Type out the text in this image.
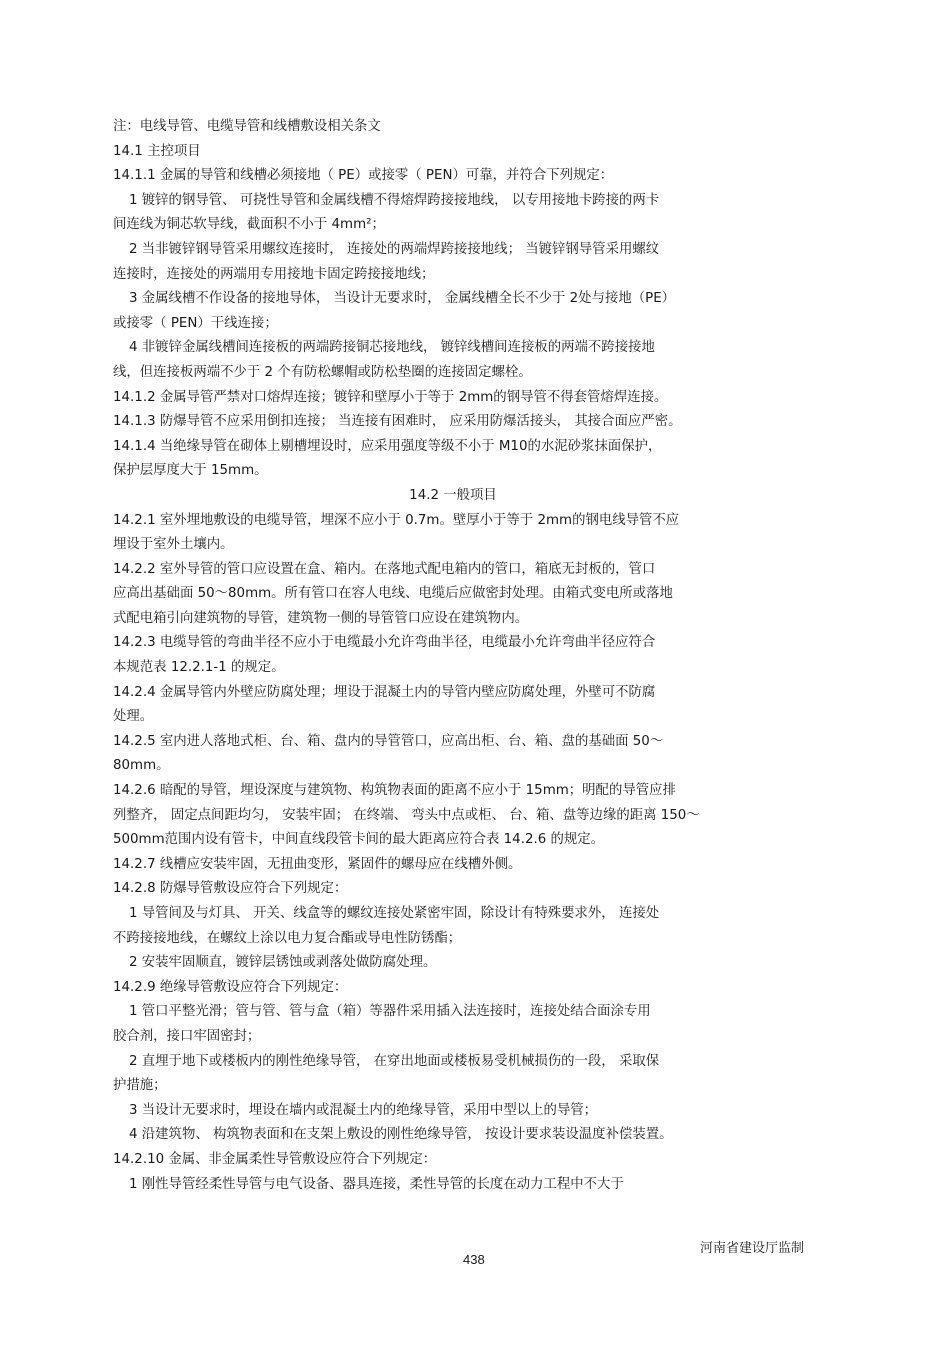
注：电线导管、电缆导管和线槽敷设相关条文
14.1 主控项目
14.1.1 金属的导管和线槽必须接地（ PE）或接零（ PEN）可靠，并符合下列规定：
1 镀锌的钢导管、 可挠性导管和金属线槽不得熔焊跨接接地线， 以专用接地卡跨接的两卡
间连线为铜芯软导线，截面积不小于 4mm²；
2 当非镀锌钢导管采用螺纹连接时， 连接处的两端焊跨接接地线； 当镀锌钢导管采用螺纹
连接时，连接处的两端用专用接地卡固定跨接接地线；
3 金属线槽不作设备的接地导体， 当设计无要求时， 金属线槽全长不少于 2处与接地（PE）
或接零（ PEN）干线连接；
4 非镀锌金属线槽间连接板的两端跨接铜芯接地线， 镀锌线槽间连接板的两端不跨接接地
线，但连接板两端不少于 2 个有防松螺帽或防松垫圈的连接固定螺栓。
14.1.2 金属导管严禁对口熔焊连接；镀锌和壁厚小于等于 2mm的钢导管不得套管熔焊连接。
14.1.3 防爆导管不应采用倒扣连接； 当连接有困难时， 应采用防爆活接头， 其接合面应严密。
14.1.4 当绝缘导管在砌体上剔槽埋设时，应采用强度等级不小于 M10的水泥砂浆抹面保护，
保护层厚度大于 15mm。
14.2 一般项目
14.2.1 室外埋地敷设的电缆导管，埋深不应小于 0.7m。壁厚小于等于 2mm的钢电线导管不应
埋设于室外土壤内。
14.2.2 室外导管的管口应设置在盒、箱内。在落地式配电箱内的管口，箱底无封板的，管口
应高出基础面 50～80mm。所有管口在容人电线、电缆后应做密封处理。由箱式变电所或落地
式配电箱引向建筑物的导管，建筑物一侧的导管管口应设在建筑物内。
14.2.3 电缆导管的弯曲半径不应小于电缆最小允许弯曲半径，电缆最小允许弯曲半径应符合
本规范表 12.2.1-1 的规定。
14.2.4 金属导管内外壁应防腐处理；埋设于混凝土内的导管内壁应防腐处理，外壁可不防腐
处理。
14.2.5 室内进人落地式柜、台、箱、盘内的导管管口，应高出柜、台、箱、盘的基础面 50～
80mm。
14.2.6 暗配的导管，埋设深度与建筑物、构筑物表面的距离不应小于 15mm；明配的导管应排
列整齐， 固定点间距均匀， 安装牢固； 在终端、 弯头中点或柜、 台、箱、盘等边缘的距离 150～
500mm范围内设有管卡，中间直线段管卡间的最大距离应符合表 14.2.6 的规定。
14.2.7 线槽应安装牢固，无扭曲变形，紧固件的螺母应在线槽外侧。
14.2.8 防爆导管敷设应符合下列规定：
1 导管间及与灯具、 开关、线盒等的螺纹连接处紧密牢固，除设计有特殊要求外， 连接处
不跨接接地线，在螺纹上涂以电力复合酯或导电性防锈酯；
2 安装牢固顺直，镀锌层锈蚀或剥落处做防腐处理。
14.2.9 绝缘导管敷设应符合下列规定：
1 管口平整光滑；管与管、管与盒（箱）等器件采用插入法连接时，连接处结合面涂专用
胶合剂，接口牢固密封；
2 直埋于地下或楼板内的刚性绝缘导管， 在穿出地面或楼板易受机械损伤的一段， 采取保
护措施；
3 当设计无要求时，埋设在墙内或混凝土内的绝缘导管，采用中型以上的导管；
4 沿建筑物、 构筑物表面和在支架上敷设的刚性绝缘导管， 按设计要求装设温度补偿装置。
14.2.10 金属、非金属柔性导管敷设应符合下列规定：
1 刚性导管经柔性导管与电气设备、器具连接，柔性导管的长度在动力工程中不大于
河南省建设厅监制
438
